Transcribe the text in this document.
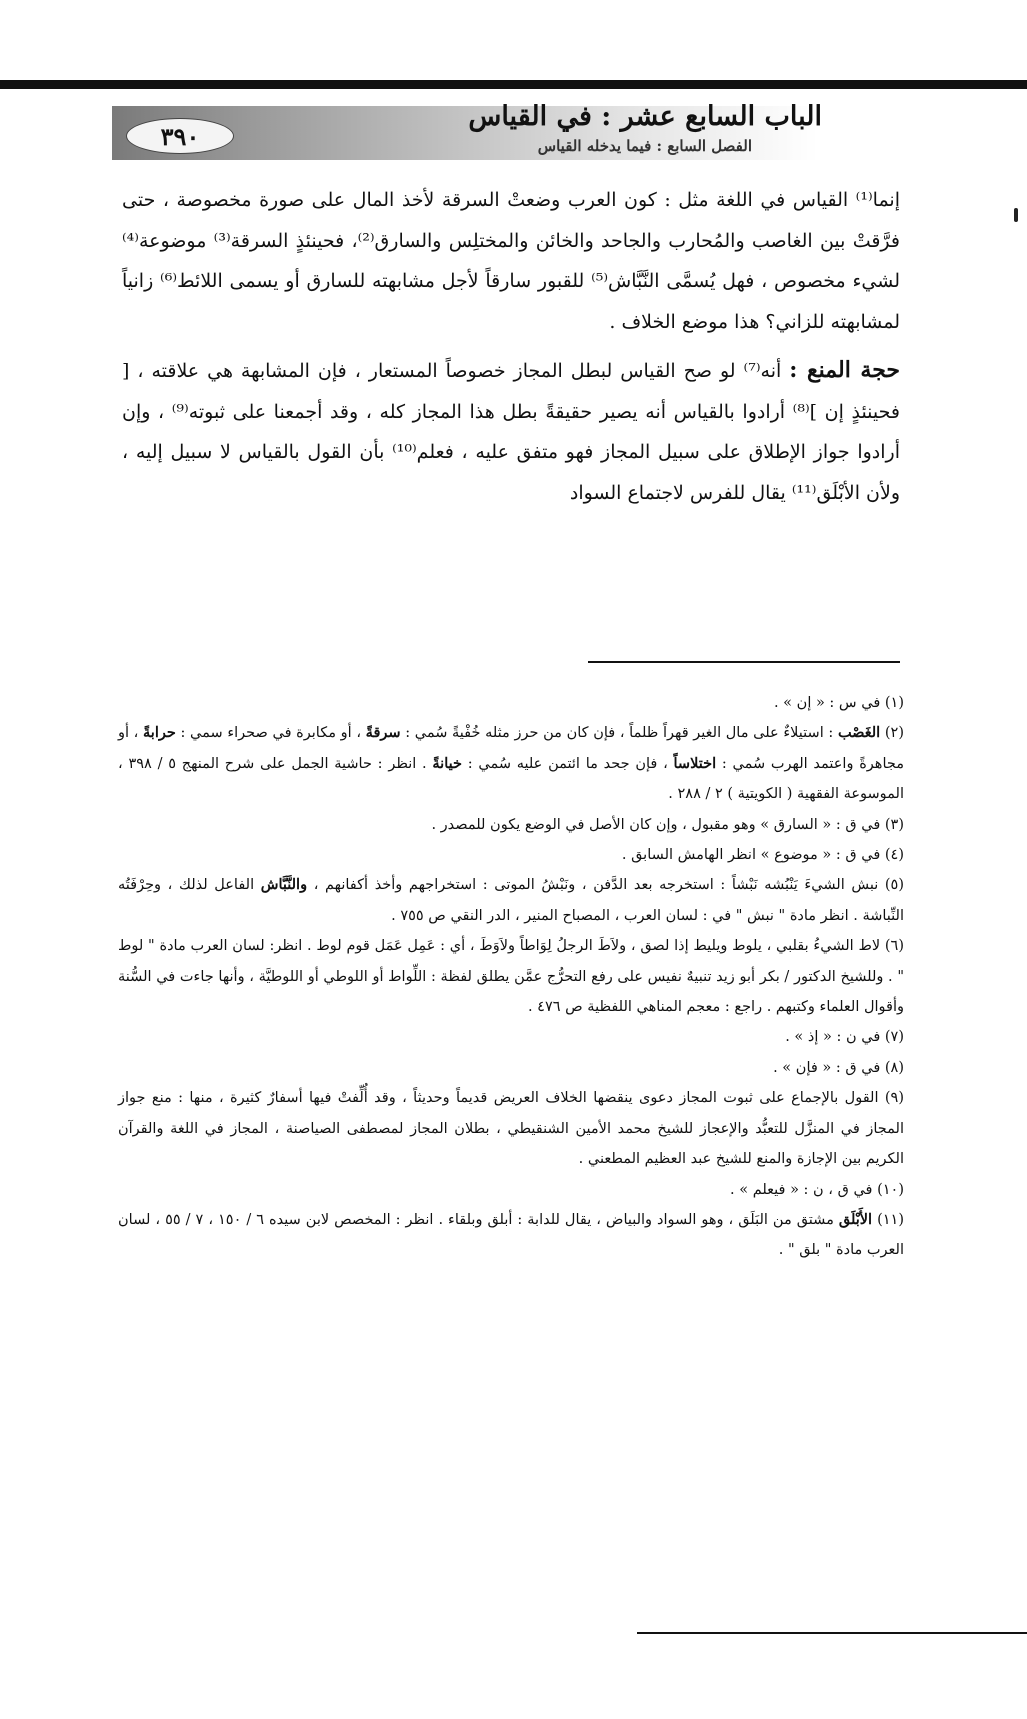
٣٩٠
الباب السابع عشر : في القياس
الفصل السابع : فيما يدخله القياس

إنما⁽¹⁾ القياس في اللغة مثل : كون العرب وضعتْ السرقة لأخذ المال على صورة مخصوصة ، حتى فرَّقتْ بين الغاصب والمُحارب والجاحد والخائن والمختلِس والسارق⁽²⁾، فحينئذٍ السرقة⁽³⁾ موضوعة⁽⁴⁾ لشيء مخصوص ، فهل يُسمَّى النَّبَّاش⁽⁵⁾ للقبور سارقاً لأجل مشابهته للسارق أو يسمى اللائط⁽⁶⁾ زانياً لمشابهته للزاني؟ هذا موضع الخلاف .

حجة المنع : أنه⁽⁷⁾ لو صح القياس لبطل المجاز خصوصاً المستعار ، فإن المشابهة هي علاقته ، [ فحينئذٍ إن ]⁽⁸⁾ أرادوا بالقياس أنه يصير حقيقةً بطل هذا المجاز كله ، وقد أجمعنا على ثبوته⁽⁹⁾ ، وإن أرادوا جواز الإطلاق على سبيل المجاز فهو متفق عليه ، فعلم⁽¹⁰⁾ بأن القول بالقياس لا سبيل إليه ، ولأن الأبْلَق⁽¹¹⁾ يقال للفرس لاجتماع السواد

(١) في س : « إن » .

(٢) الغَصْب : استيلاءٌ على مال الغير قهراً ظلماً ، فإن كان من حرز مثله خُفْيةً سُمي : سرقةً ، أو مكابرة في صحراء سمي : حرابةً ، أو مجاهرةً واعتمد الهرب سُمي : اختلاساً ، فإن جحد ما ائتمن عليه سُمي : خيانةً . انظر : حاشية الجمل على شرح المنهج ٥ / ٣٩٨ ، الموسوعة الفقهية ( الكويتية ) ٢ / ٢٨٨ .

(٣) في ق : « السارق » وهو مقبول ، وإن كان الأصل في الوضع يكون للمصدر .

(٤) في ق : « موضوع » انظر الهامش السابق .

(٥) نبش الشيءَ يَنْبُشه نَبْشاً : استخرجه بعد الدَّفن ، ونَبْشُ الموتى : استخراجهم وأخذ أكفانهم ، والنَّبَّاش الفاعل لذلك ، وحِرْفَتُه النِّباشة . انظر مادة " نبش " في : لسان العرب ، المصباح المنير ، الدر النقي ص ٧٥٥ .

(٦) لاط الشيءُ بقلبي ، يلوط ويليط إذا لصق ، ولاَطَ الرجلُ لِوَاطاً ولاَوَطَ ، أي : عَمِل عَمَل قوم لوط . انظر: لسان العرب مادة " لوط " . وللشيخ الدكتور / بكر أبو زيد تنبيهٌ نفيس على رفع التحرُّج عمَّن يطلق لفظة : اللِّواط أو اللوطي أو اللوطيَّة ، وأنها جاءت في السُّنة وأقوال العلماء وكتبهم . راجع : معجم المناهي اللفظية ص ٤٧٦ .

(٧) في ن : « إذ » .

(٨) في ق : « فإن » .

(٩) القول بالإجماع على ثبوت المجاز دعوى ينقضها الخلاف العريض قديماً وحديثاً ، وقد أُلِّفتْ فيها أسفارٌ كثيرة ، منها : منع جواز المجاز في المنزَّل للتعبُّد والإعجاز للشيخ محمد الأمين الشنقيطي ، بطلان المجاز لمصطفى الصياصنة ، المجاز في اللغة والقرآن الكريم بين الإجازة والمنع للشيخ عبد العظيم المطعني .

(١٠) في ق ، ن : « فيعلم » .

(١١) الأَبْلَق مشتق من البَلَق ، وهو السواد والبياض ، يقال للدابة : أبلق وبلقاء . انظر : المخصص لابن سيده ٦ / ١٥٠ ، ٧ / ٥٥ ، لسان العرب مادة " بلق " .
